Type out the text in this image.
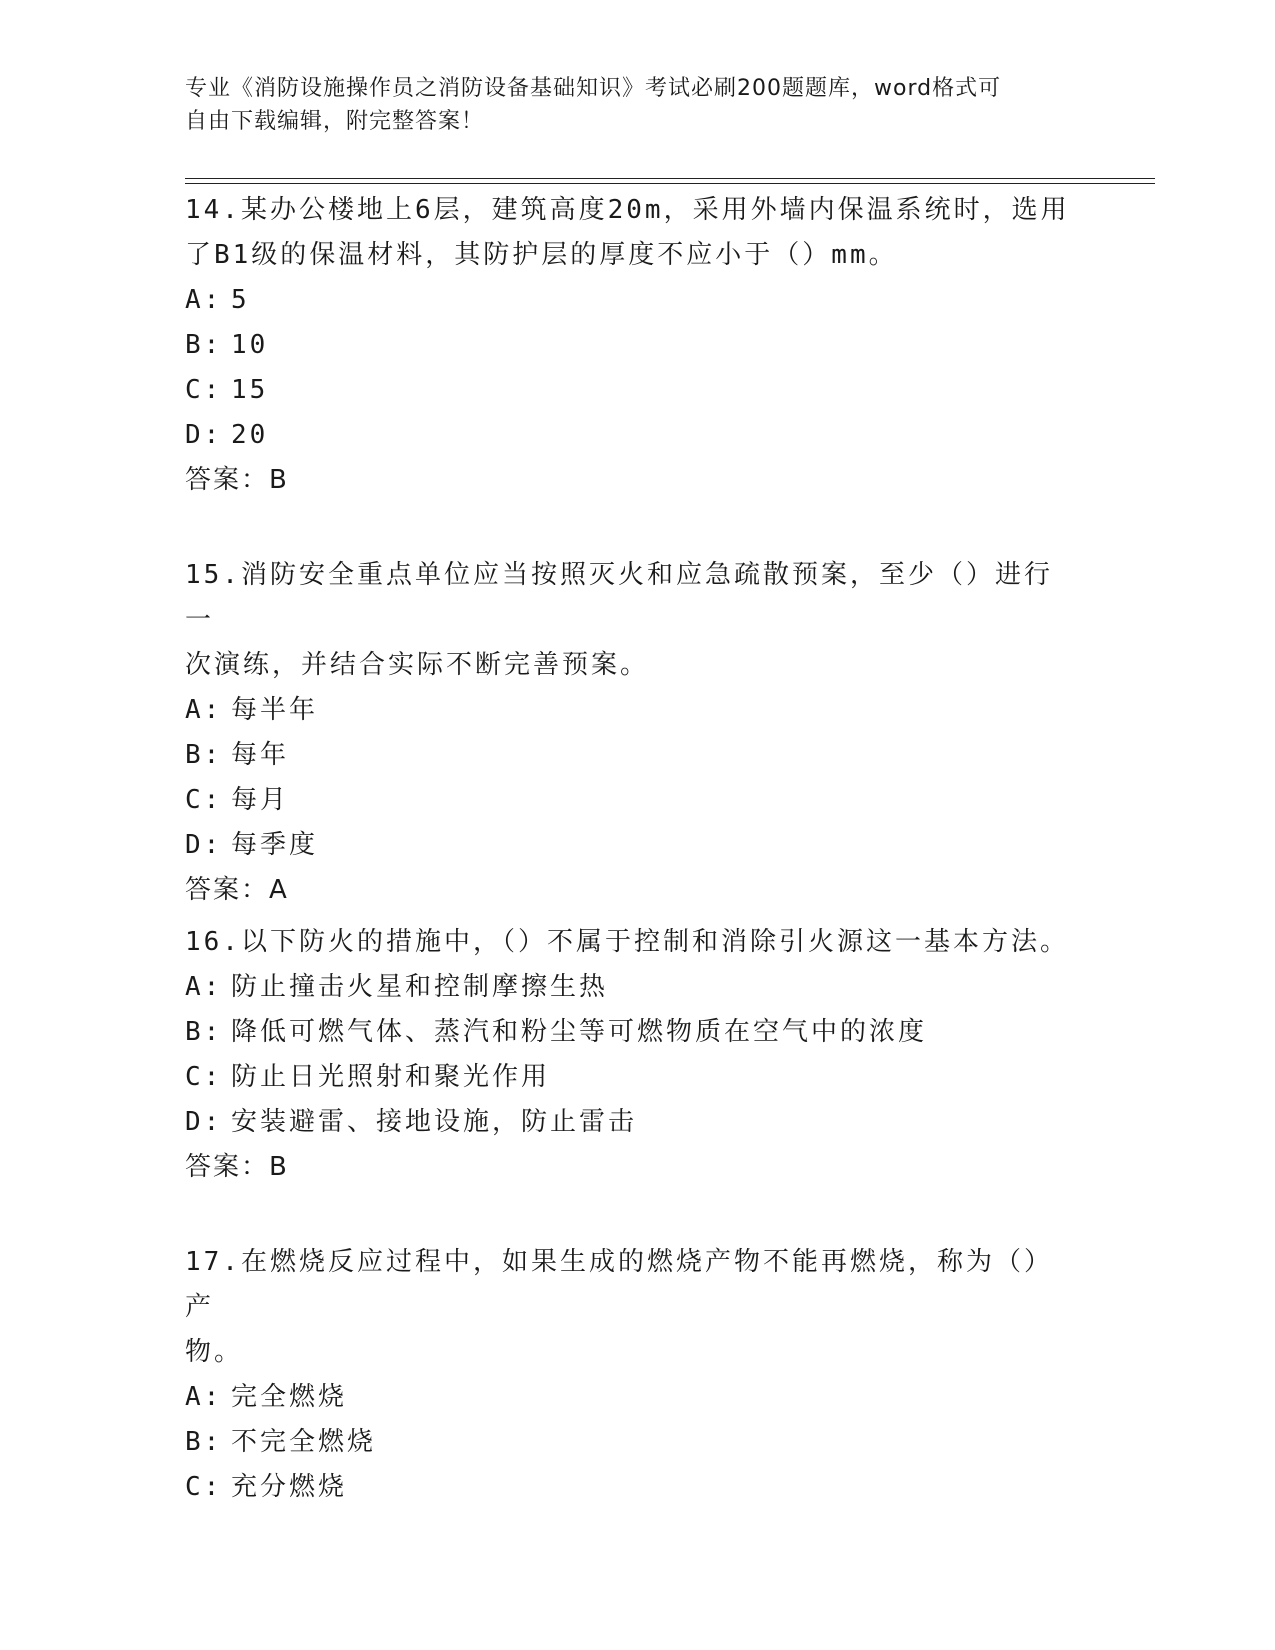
专业《消防设施操作员之消防设备基础知识》考试必刷200题题库，word格式可
自由下载编辑，附完整答案！

14.某办公楼地上6层，建筑高度20m，采用外墙内保温系统时，选用

了B1级的保温材料，其防护层的厚度不应小于（）mm。

A: 5

B: 10

C: 15

D: 20

答案：B

15.消防安全重点单位应当按照灭火和应急疏散预案，至少（）进行一

次演练，并结合实际不断完善预案。

A: 每半年

B: 每年

C: 每月

D: 每季度

答案：A

16.以下防火的措施中，（）不属于控制和消除引火源这一基本方法。

A: 防止撞击火星和控制摩擦生热

B: 降低可燃气体、蒸汽和粉尘等可燃物质在空气中的浓度

C: 防止日光照射和聚光作用

D: 安装避雷、接地设施，防止雷击

答案：B

17.在燃烧反应过程中，如果生成的燃烧产物不能再燃烧，称为（）产

物。

A: 完全燃烧

B: 不完全燃烧

C: 充分燃烧
